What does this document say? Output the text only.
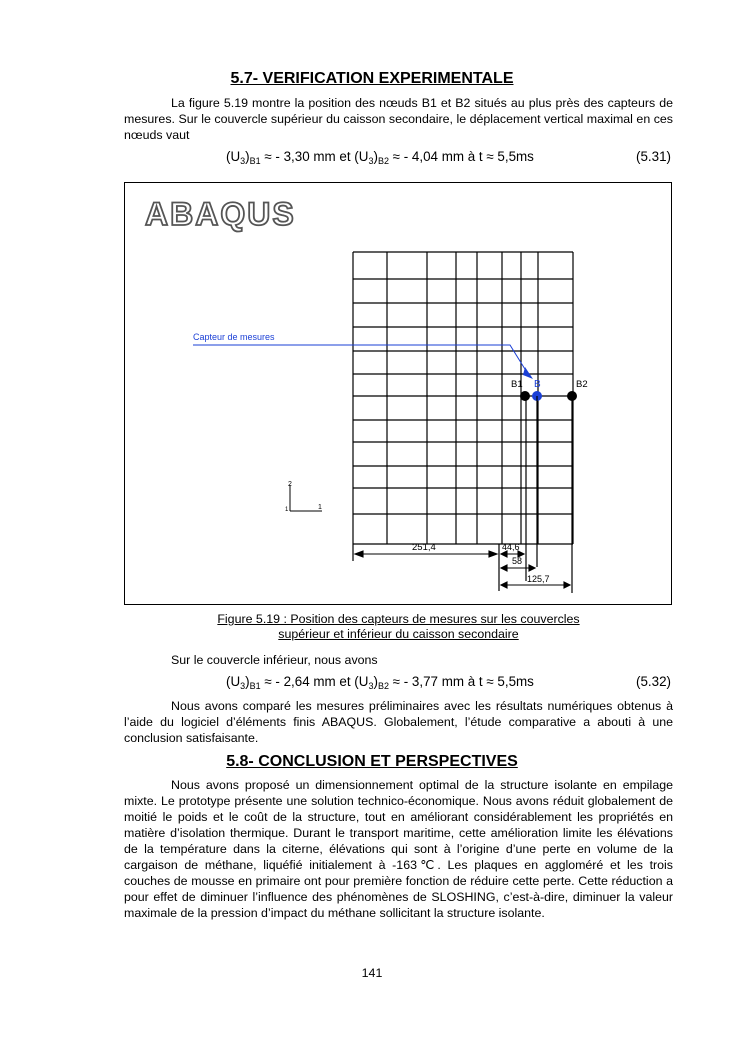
5.7- VERIFICATION EXPERIMENTALE

La figure 5.19 montre la position des nœuds B1 et B2 situés au plus près des capteurs de mesures. Sur le couvercle supérieur du caisson secondaire, le déplacement vertical maximal en ces nœuds vaut

$(U_3)_{B1}$ ≈ - 3,30 mm et $(U_3)_{B2}$ ≈ - 4,04 mm à t ≈ 5,5ms	(5.31)
ABAQUS
Capteur de mesures
B1 B	B2
251,4	44,6
58
125,7
2
1
1

Figure 5.19 : Position des capteurs de mesures sur les couvercles

supérieur et inférieur du caisson secondaire

Sur le couvercle inférieur, nous avons

$(U_3)_{B1}$ ≈ - 2,64 mm et $(U_3)_{B2}$ ≈ - 3,77 mm à t ≈ 5,5ms	(5.32)

Nous avons comparé les mesures préliminaires avec les résultats numériques obtenus à l’aide du logiciel d’éléments finis ABAQUS. Globalement, l’étude comparative a abouti à une conclusion satisfaisante.

5.8- CONCLUSION ET PERSPECTIVES

Nous avons proposé un dimensionnement optimal de la structure isolante en empilage mixte. Le prototype présente une solution technico-économique. Nous avons réduit globalement de moitié le poids et le coût de la structure, tout en améliorant considérablement les propriétés en matière d’isolation thermique. Durant le transport maritime, cette amélioration limite les élévations de la température dans la citerne, élévations qui sont à l’origine d’une perte en volume de la cargaison de méthane, liquéfié initialement à -163℃. Les plaques en aggloméré et les trois couches de mousse en primaire ont pour première fonction de réduire cette perte. Cette réduction a pour effet de diminuer l’influence des phénomènes de SLOSHING, c’est-à-dire, diminuer la valeur maximale de la pression d’impact du méthane sollicitant la structure isolante.

141
